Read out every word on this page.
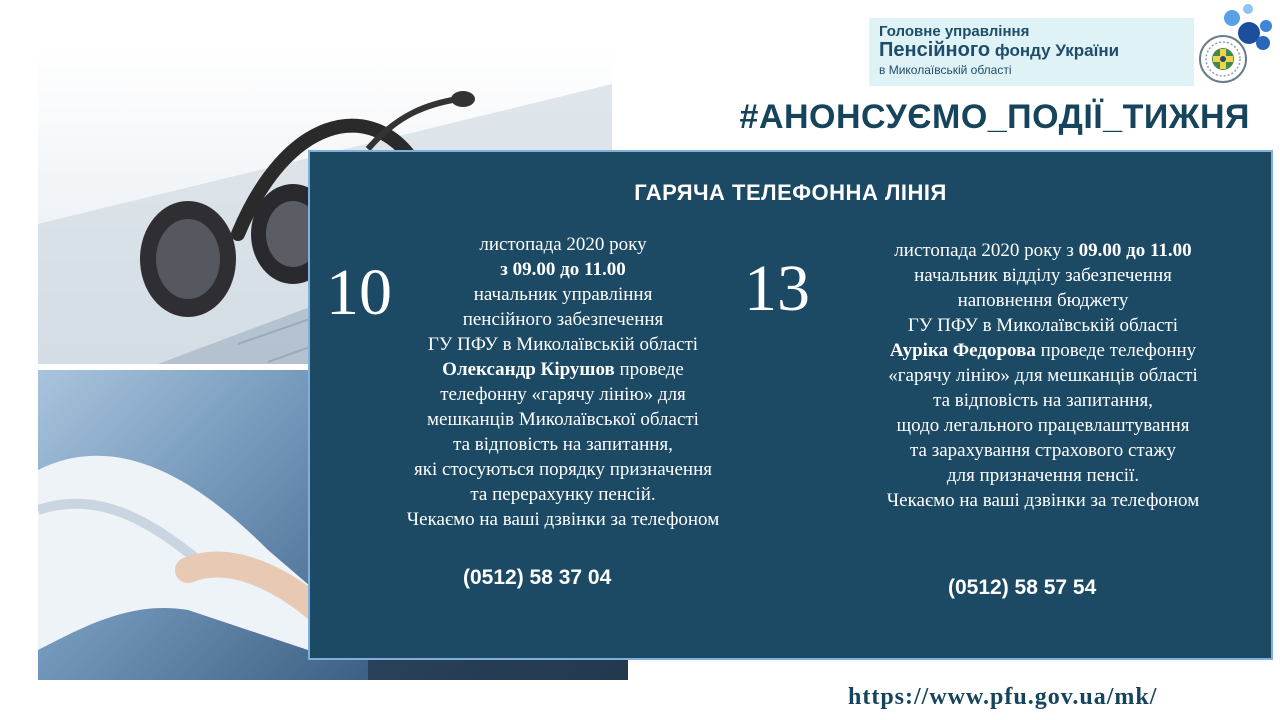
Головне управління
Пенсійного фонду України
в Миколаївській області
#АНОНСУЄМО_ПОДІЇ_ТИЖНЯ
ГАРЯЧА ТЕЛЕФОННА ЛІНІЯ
10	13
листопада 2020 року
з 09.00 до 11.00
начальник управління
пенсійного забезпечення
ГУ ПФУ в Миколаївській області
Олександр Кірушов проведе
телефонну «гарячу лінію» для
мешканців Миколаївської області
та відповість на запитання,
які стосуються порядку призначення
та перерахунку пенсій.
Чекаємо на ваші дзвінки за телефоном
(0512) 58 37 04
листопада 2020 року з 09.00 до 11.00
начальник відділу забезпечення
наповнення бюджету
ГУ ПФУ в Миколаївській області
Ауріка Федорова проведе телефонну
«гарячу лінію» для мешканців області
та відповість на запитання,
щодо легального працевлаштування
та зарахування страхового стажу
для призначення пенсії.
Чекаємо на ваші дзвінки за телефоном
(0512) 58 57 54
https://www.pfu.gov.ua/mk/
